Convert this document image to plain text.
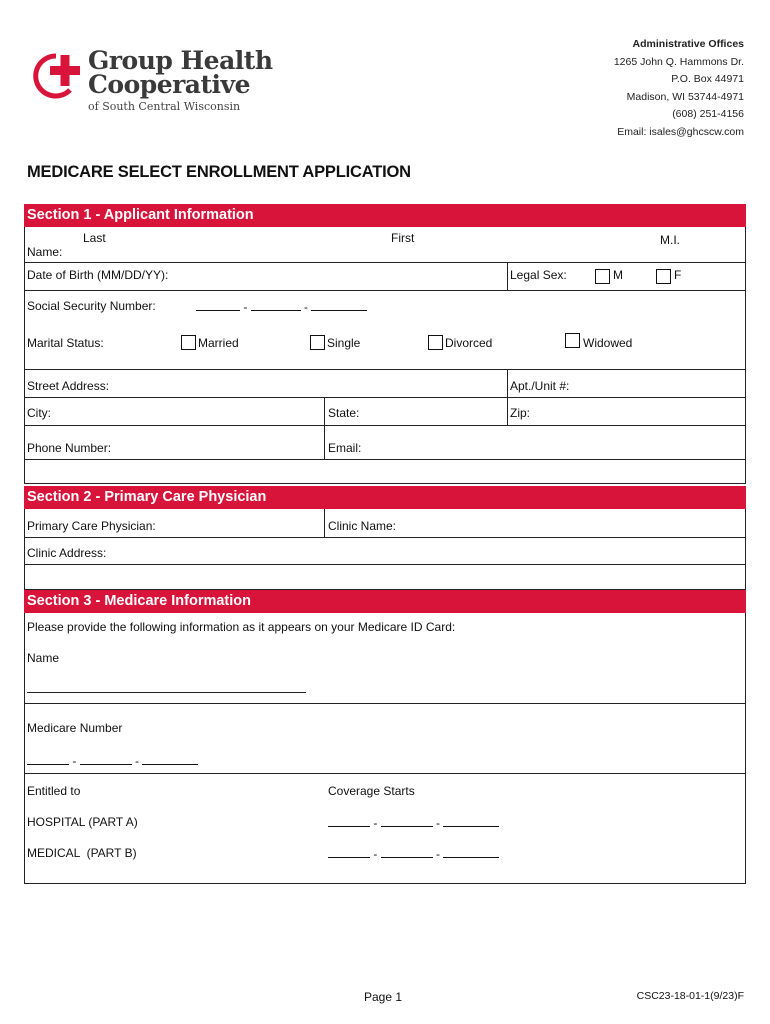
Group Health
Cooperative
of South Central Wisconsin
Administrative Offices
1265 John Q. Hammons Dr.
P.O. Box 44971
Madison, WI 53744-4971
(608) 251-4156
Email: isales@ghcscw.com
MEDICARE SELECT ENROLLMENT APPLICATION
Section 1 - Applicant Information
Last	First	M.I.
Name:
Date of Birth (MM/DD/YY):	Legal Sex:	M	F
Social Security Number:	-	-
Marital Status:	Married	Single	Divorced	Widowed
Street Address:	Apt./Unit #:
City:	State:	Zip:
Phone Number:	Email:
Section 2 - Primary Care Physician
Primary Care Physician:	Clinic Name:
Clinic Address:
Section 3 - Medicare Information
Please provide the following information as it appears on your Medicare ID Card:
Name
Medicare Number
-	-
Entitled to	Coverage Starts
HOSPITAL (PART A)	-	-
MEDICAL  (PART B)	-	-
Page 1	CSC23-18-01-1(9/23)F
